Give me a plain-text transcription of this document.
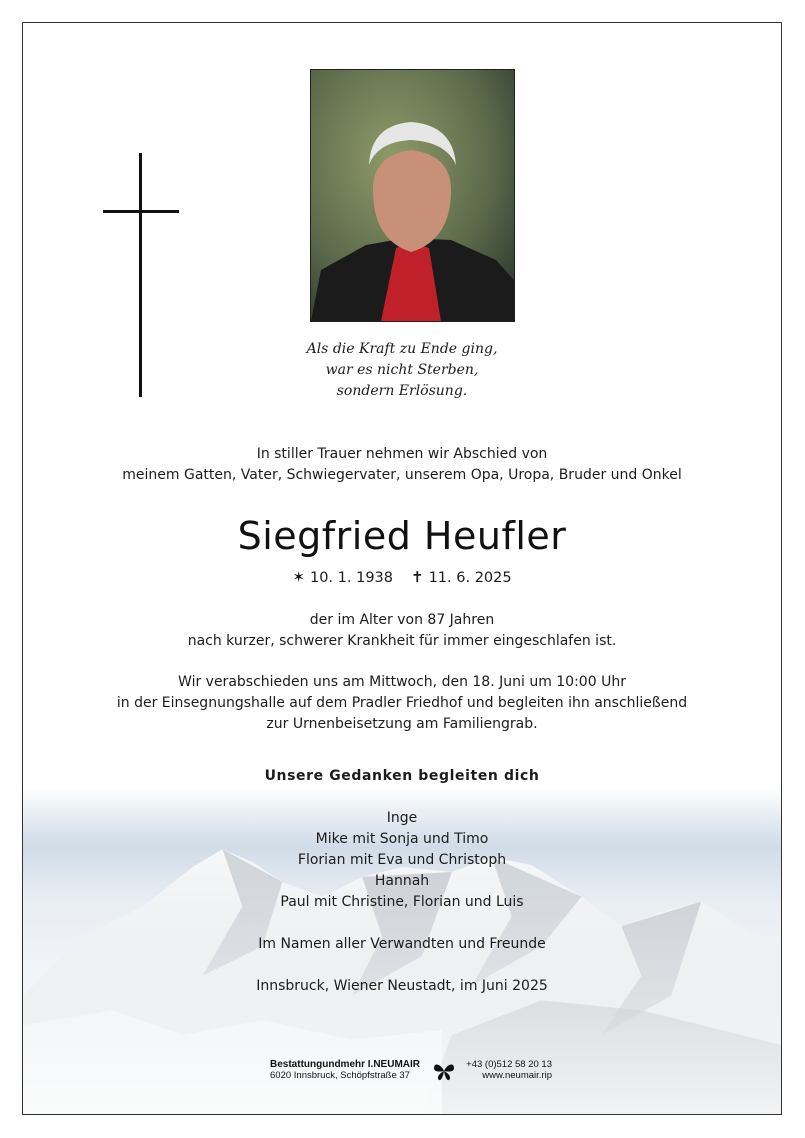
Als die Kraft zu Ende ging,
war es nicht Sterben,
sondern Erlösung.
In stiller Trauer nehmen wir Abschied von
meinem Gatten, Vater, Schwiegervater, unserem Opa, Uropa, Bruder und Onkel
Siegfried Heufler
✶ 10. 1. 1938 ✝ 11. 6. 2025
der im Alter von 87 Jahren
nach kurzer, schwerer Krankheit für immer eingeschlafen ist.
Wir verabschieden uns am Mittwoch, den 18. Juni um 10:00 Uhr
in der Einsegnungshalle auf dem Pradler Friedhof und begleiten ihn anschließend
zur Urnenbeisetzung am Familiengrab.
Unsere Gedanken begleiten dich
Inge
Mike mit Sonja und Timo
Florian mit Eva und Christoph
Hannah
Paul mit Christine, Florian und Luis
Im Namen aller Verwandten und Freunde
Innsbruck, Wiener Neustadt, im Juni 2025
Bestattungundmehr I.NEUMAIR
6020 Innsbruck, Schöpfstraße 37
+43 (0)512 58 20 13
www.neumair.rip
